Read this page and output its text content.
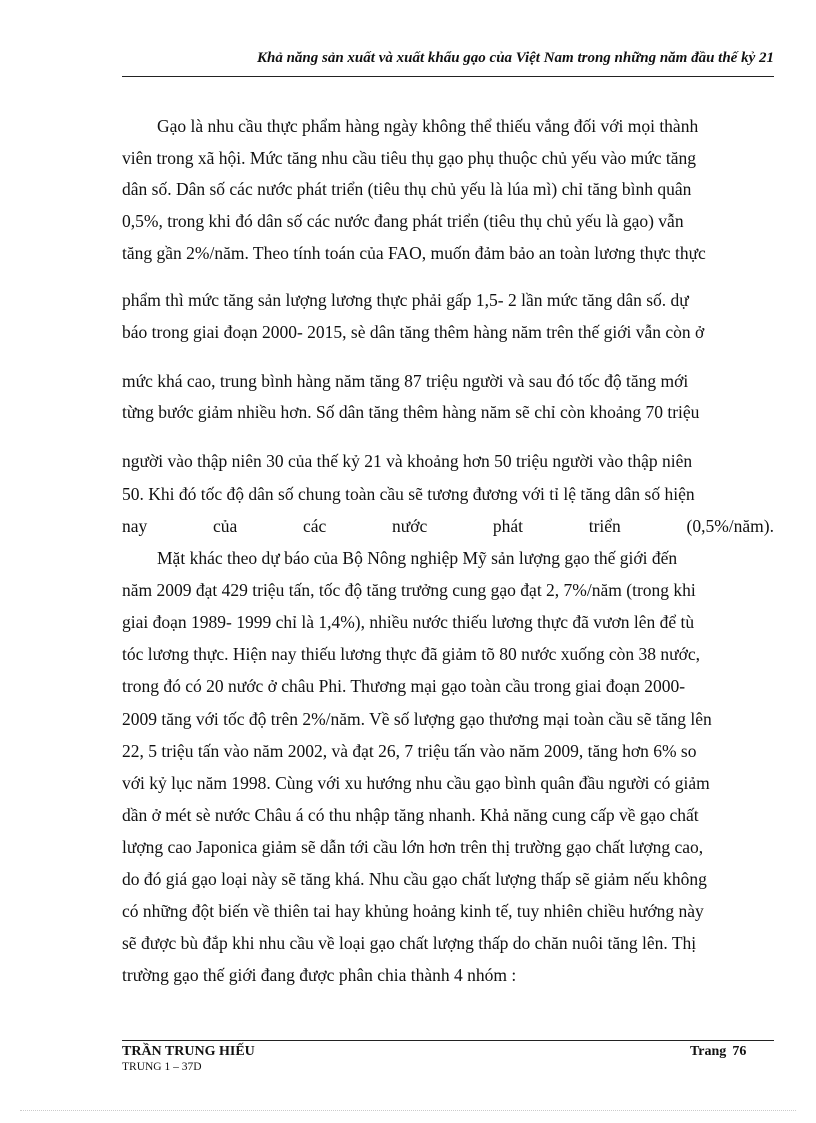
Khả năng sản xuất và xuất khẩu gạo của Việt Nam trong những năm đầu thế kỷ 21
Gạo là nhu cầu thực phẩm hàng ngày không thể thiếu vắng đối với mọi thành
viên trong xã hội. Mức tăng nhu cầu tiêu thụ gạo phụ thuộc chủ yếu vào mức tăng
dân số. Dân số các nước phát triển (tiêu thụ chủ yếu là lúa mì) chỉ tăng bình quân
0,5%, trong khi đó dân số các nước đang phát triển (tiêu thụ chủ yếu là gạo) vẫn
tăng gần 2%/năm. Theo tính toán của FAO, muốn đảm bảo an toàn lương thực thực
phẩm thì mức tăng sản lượng lương thực phải gấp 1,5- 2 lần mức tăng dân số. dự
báo trong giai đoạn 2000- 2015, sè dân tăng thêm hàng năm trên thế giới vẫn còn ở
mức khá cao, trung bình hàng năm tăng 87 triệu người và sau đó tốc độ tăng mới
từng bước giảm nhiều hơn. Số dân tăng thêm hàng năm sẽ chỉ còn khoảng 70 triệu
người vào thập niên 30 của thế kỷ 21 và khoảng hơn 50 triệu người vào thập niên
50. Khi đó tốc độ dân số chung toàn cầu sẽ tương đương với tỉ lệ tăng dân số hiện
nay của các nước phát triển (0,5%/năm).
Mặt khác theo dự báo của Bộ Nông nghiệp Mỹ sản lượng gạo thế giới đến
năm 2009 đạt 429 triệu tấn, tốc độ tăng trưởng cung gạo đạt 2, 7%/năm (trong khi
giai đoạn 1989- 1999 chỉ là 1,4%), nhiều nước thiếu lương thực đã vươn lên để tù
tóc lương thực. Hiện nay thiếu lương thực đã giảm tõ 80 nước xuống còn 38 nước,
trong đó có 20 nước ở châu Phi. Thương mại gạo toàn cầu trong giai đoạn 2000-
2009 tăng với tốc độ trên 2%/năm. Về số lượng gạo thương mại toàn cầu sẽ tăng lên
22, 5 triệu tấn vào năm 2002, và đạt 26, 7 triệu tấn vào năm 2009, tăng hơn 6% so
với kỷ lục năm 1998. Cùng với xu hướng nhu cầu gạo bình quân đầu người có giảm
dần ở mét sè nước Châu á có thu nhập tăng nhanh. Khả năng cung cấp về gạo chất
lượng cao Japonica giảm sẽ dẫn tới cầu lớn hơn trên thị trường gạo chất lượng cao,
do đó giá gạo loại này sẽ tăng khá. Nhu cầu gạo chất lượng thấp sẽ giảm nếu không
có những đột biến về thiên tai hay khủng hoảng kinh tế, tuy nhiên chiều hướng này
sẽ được bù đắp khi nhu cầu về loại gạo chất lượng thấp do chăn nuôi tăng lên. Thị
trường gạo thế giới đang được phân chia thành 4 nhóm :
TRẦN TRUNG HIẾU
TRUNG 1 – 37D
Trang 76
